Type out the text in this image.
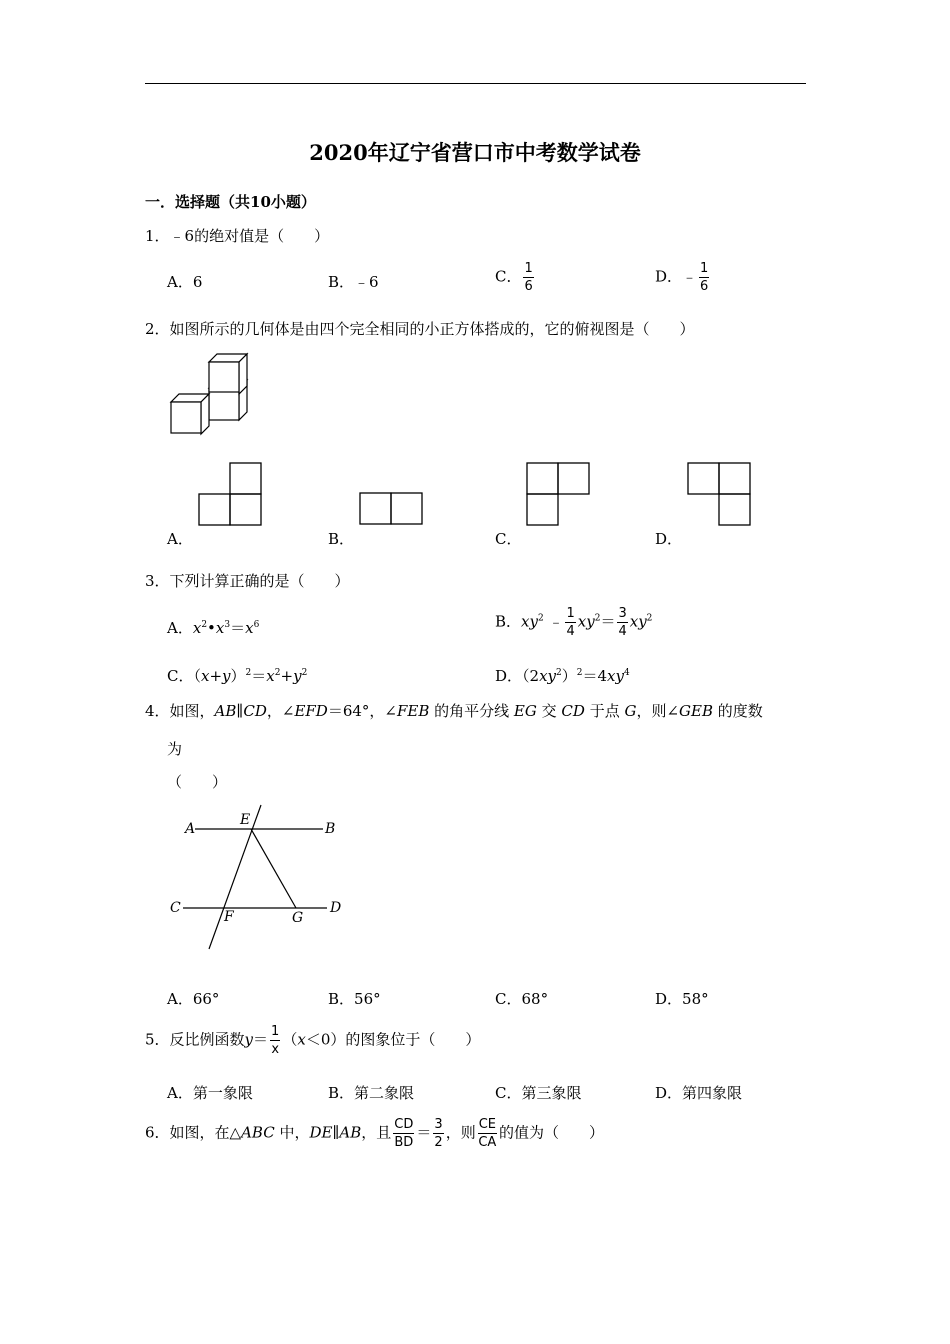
2020年辽宁省营口市中考数学试卷
一．选择题（共10小题）
1．﹣6的绝对值是（　　）
A．6	B．﹣6	C． $\frac{1}{6}$	D．﹣ $\frac{1}{6}$
2．如图所示的几何体是由四个完全相同的小正方体搭成的，它的俯视图是（　　）
A．	B．	C．	D．
3．下列计算正确的是（　　）
A．$x^2•x^3=x^6$	B．$xy^2$ ﹣ $\frac{1}{4} xy^2= \frac{3}{4} xy^2$
C．$(x+y)^2=x^2+y^2$	D．$(2xy^2)^2=4xy^4$
4．如图，AB∥CD，∠EFD＝64°，∠FEB 的角平分线 EG 交 CD 于点 G，则∠GEB 的度数
为
（　　）
A
E
B
C
F	G
D
A．66°	B．56°	C．68°	D．58°
5．反比例函数$y= \frac{1}{x} (x<0)$的图象位于（　　）
A．第一象限	B．第二象限	C．第三象限	D．第四象限
6．如图，在△ABC 中，DE∥AB，且 $\frac{CD}{BD} = \frac{3}{2}$ ，则 $\frac{CE}{CA}$ 的值为（　　）
